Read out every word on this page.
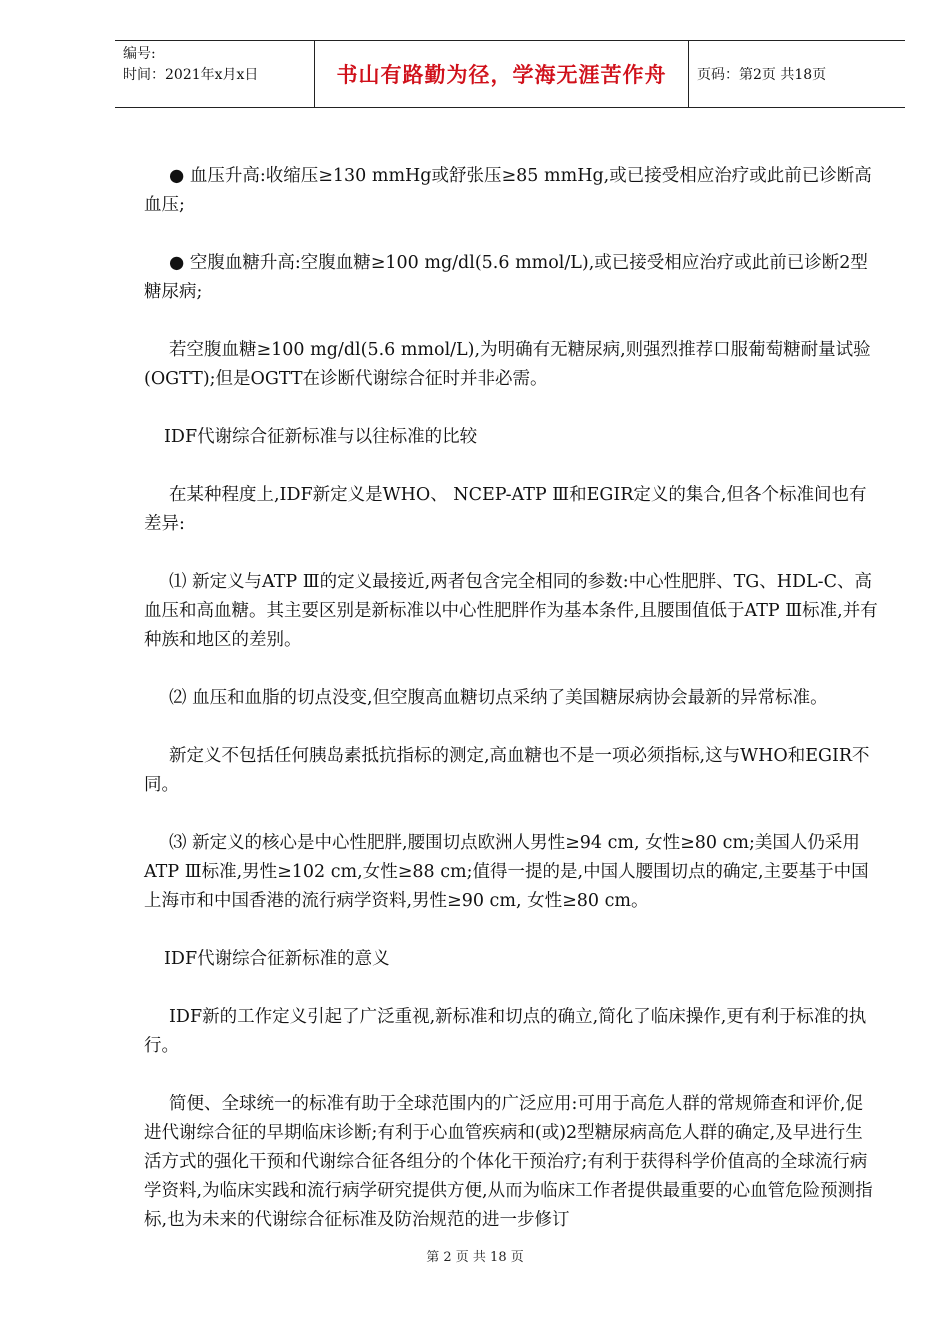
编号:
时间：2021年x月x日	书山有路勤为径，学海无涯苦作舟 页码：第2页 共18页

● 血压升高:收缩压≥130 mmHg或舒张压≥85 mmHg,或已接受相应治疗或此前已诊断高血压;

● 空腹血糖升高:空腹血糖≥100 mg/dl(5.6 mmol/L),或已接受相应治疗或此前已诊断2型糖尿病;

若空腹血糖≥100 mg/dl(5.6 mmol/L),为明确有无糖尿病,则强烈推荐口服葡萄糖耐量试验(OGTT);但是OGTT在诊断代谢综合征时并非必需。

IDF代谢综合征新标准与以往标准的比较

在某种程度上,IDF新定义是WHO、 NCEP-ATP Ⅲ和EGIR定义的集合,但各个标准间也有差异:

⑴ 新定义与ATP Ⅲ的定义最接近,两者包含完全相同的参数:中心性肥胖、TG、HDL-C、高血压和高血糖。其主要区别是新标准以中心性肥胖作为基本条件,且腰围值低于ATP Ⅲ标准,并有种族和地区的差别。

⑵ 血压和血脂的切点没变,但空腹高血糖切点采纳了美国糖尿病协会最新的异常标准。

新定义不包括任何胰岛素抵抗指标的测定,高血糖也不是一项必须指标,这与WHO和EGIR不同。

⑶ 新定义的核心是中心性肥胖,腰围切点欧洲人男性≥94 cm, 女性≥80 cm;美国人仍采用ATP Ⅲ标准,男性≥102 cm,女性≥88 cm;值得一提的是,中国人腰围切点的确定,主要基于中国上海市和中国香港的流行病学资料,男性≥90 cm, 女性≥80 cm。

IDF代谢综合征新标准的意义

IDF新的工作定义引起了广泛重视,新标准和切点的确立,简化了临床操作,更有利于标准的执行。

简便、全球统一的标准有助于全球范围内的广泛应用:可用于高危人群的常规筛查和评价,促进代谢综合征的早期临床诊断;有利于心血管疾病和(或)2型糖尿病高危人群的确定,及早进行生活方式的强化干预和代谢综合征各组分的个体化干预治疗;有利于获得科学价值高的全球流行病学资料,为临床实践和流行病学研究提供方便,从而为临床工作者提供最重要的心血管危险预测指标,也为未来的代谢综合征标准及防治规范的进一步修订

第 2 页 共 18 页
